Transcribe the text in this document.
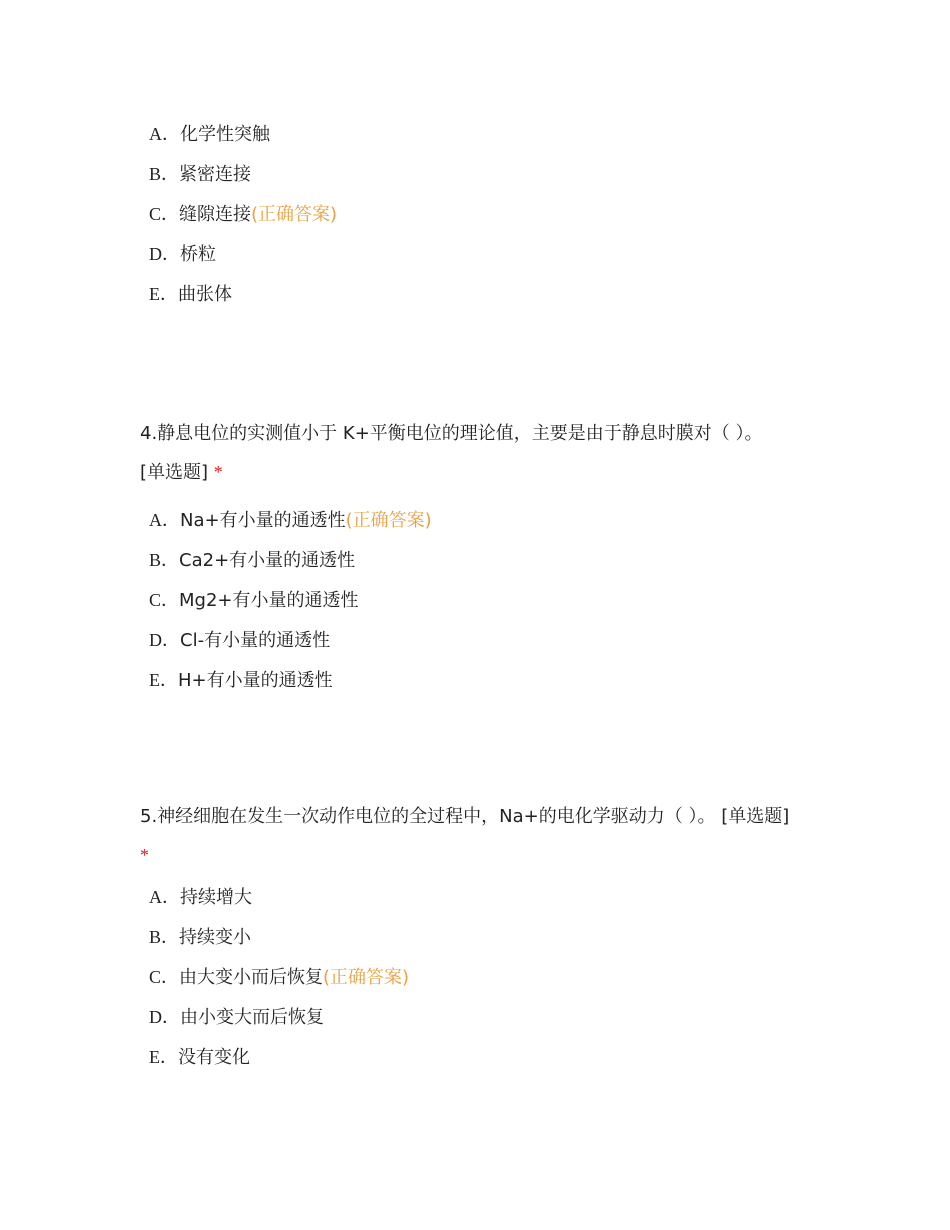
A．化学性突触
B．紧密连接
C．缝隙连接(正确答案)
D．桥粒
E．曲张体

4.静息电位的实测值小于 K+平衡电位的理论值，主要是由于静息时膜对（ ）。
[单选题] *

A．Na+有小量的通透性(正确答案)
B．Ca2+有小量的通透性
C．Mg2+有小量的通透性
D．Cl-有小量的通透性
E．H+有小量的通透性

5.神经细胞在发生一次动作电位的全过程中，Na+的电化学驱动力（ ）。 [单选题]
*

A．持续增大
B．持续变小
C．由大变小而后恢复(正确答案)
D．由小变大而后恢复
E．没有变化
